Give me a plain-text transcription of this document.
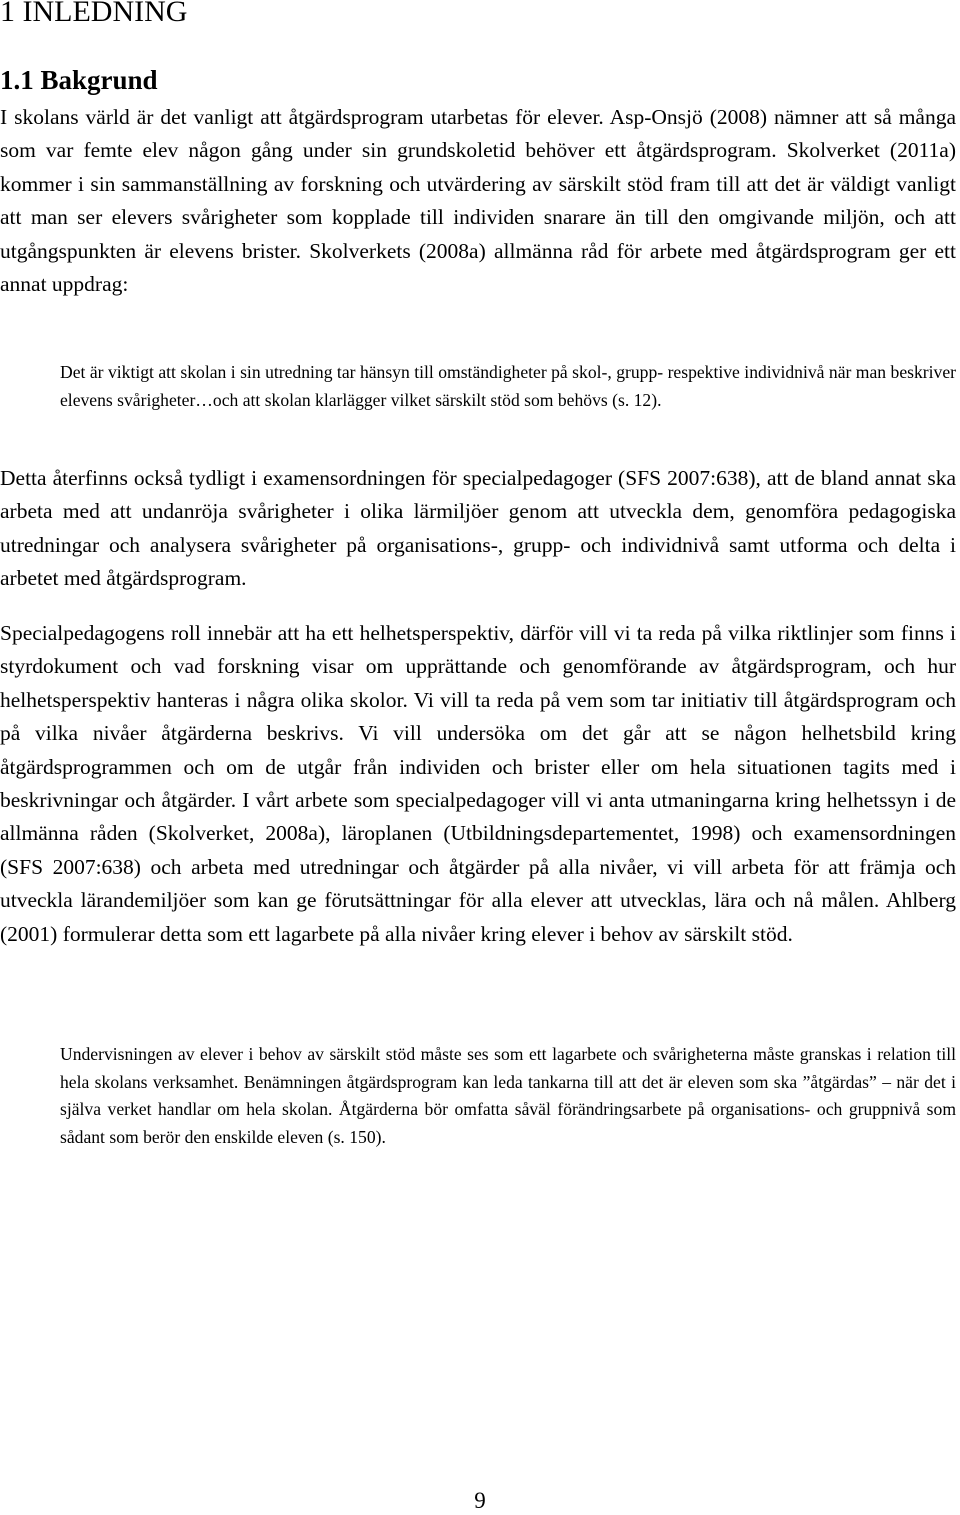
1 INLEDNING
1.1 Bakgrund

I skolans värld är det vanligt att åtgärdsprogram utarbetas för elever. Asp-Onsjö (2008) nämner att så många som var femte elev någon gång under sin grundskoletid behöver ett åtgärdsprogram. Skolverket (2011a) kommer i sin sammanställning av forskning och utvärdering av särskilt stöd fram till att det är väldigt vanligt att man ser elevers svårigheter som kopplade till individen snarare än till den omgivande miljön, och att utgångspunkten är elevens brister. Skolverkets (2008a) allmänna råd för arbete med åtgärdsprogram ger ett annat uppdrag:

Det är viktigt att skolan i sin utredning tar hänsyn till omständigheter på skol-, grupp- respektive individnivå när man beskriver elevens svårigheter…och att skolan klarlägger vilket särskilt stöd som behövs (s. 12).

Detta återfinns också tydligt i examensordningen för specialpedagoger (SFS 2007:638), att de bland annat ska arbeta med att undanröja svårigheter i olika lärmiljöer genom att utveckla dem, genomföra pedagogiska utredningar och analysera svårigheter på organisations-, grupp- och individnivå samt utforma och delta i arbetet med åtgärdsprogram.

Specialpedagogens roll innebär att ha ett helhetsperspektiv, därför vill vi ta reda på vilka riktlinjer som finns i styrdokument och vad forskning visar om upprättande och genomförande av åtgärdsprogram, och hur helhetsperspektiv hanteras i några olika skolor. Vi vill ta reda på vem som tar initiativ till åtgärdsprogram och på vilka nivåer åtgärderna beskrivs. Vi vill undersöka om det går att se någon helhetsbild kring åtgärdsprogrammen och om de utgår från individen och brister eller om hela situationen tagits med i beskrivningar och åtgärder. I vårt arbete som specialpedagoger vill vi anta utmaningarna kring helhetssyn i de allmänna råden (Skolverket, 2008a), läroplanen (Utbildningsdepartementet, 1998) och examensordningen (SFS 2007:638) och arbeta med utredningar och åtgärder på alla nivåer, vi vill arbeta för att främja och utveckla lärandemiljöer som kan ge förutsättningar för alla elever att utvecklas, lära och nå målen. Ahlberg (2001) formulerar detta som ett lagarbete på alla nivåer kring elever i behov av särskilt stöd.

Undervisningen av elever i behov av särskilt stöd måste ses som ett lagarbete och svårigheterna måste granskas i relation till hela skolans verksamhet. Benämningen åtgärdsprogram kan leda tankarna till att det är eleven som ska ”åtgärdas” – när det i själva verket handlar om hela skolan. Åtgärderna bör omfatta såväl förändringsarbete på organisations- och gruppnivå som sådant som berör den enskilde eleven (s. 150).

9
